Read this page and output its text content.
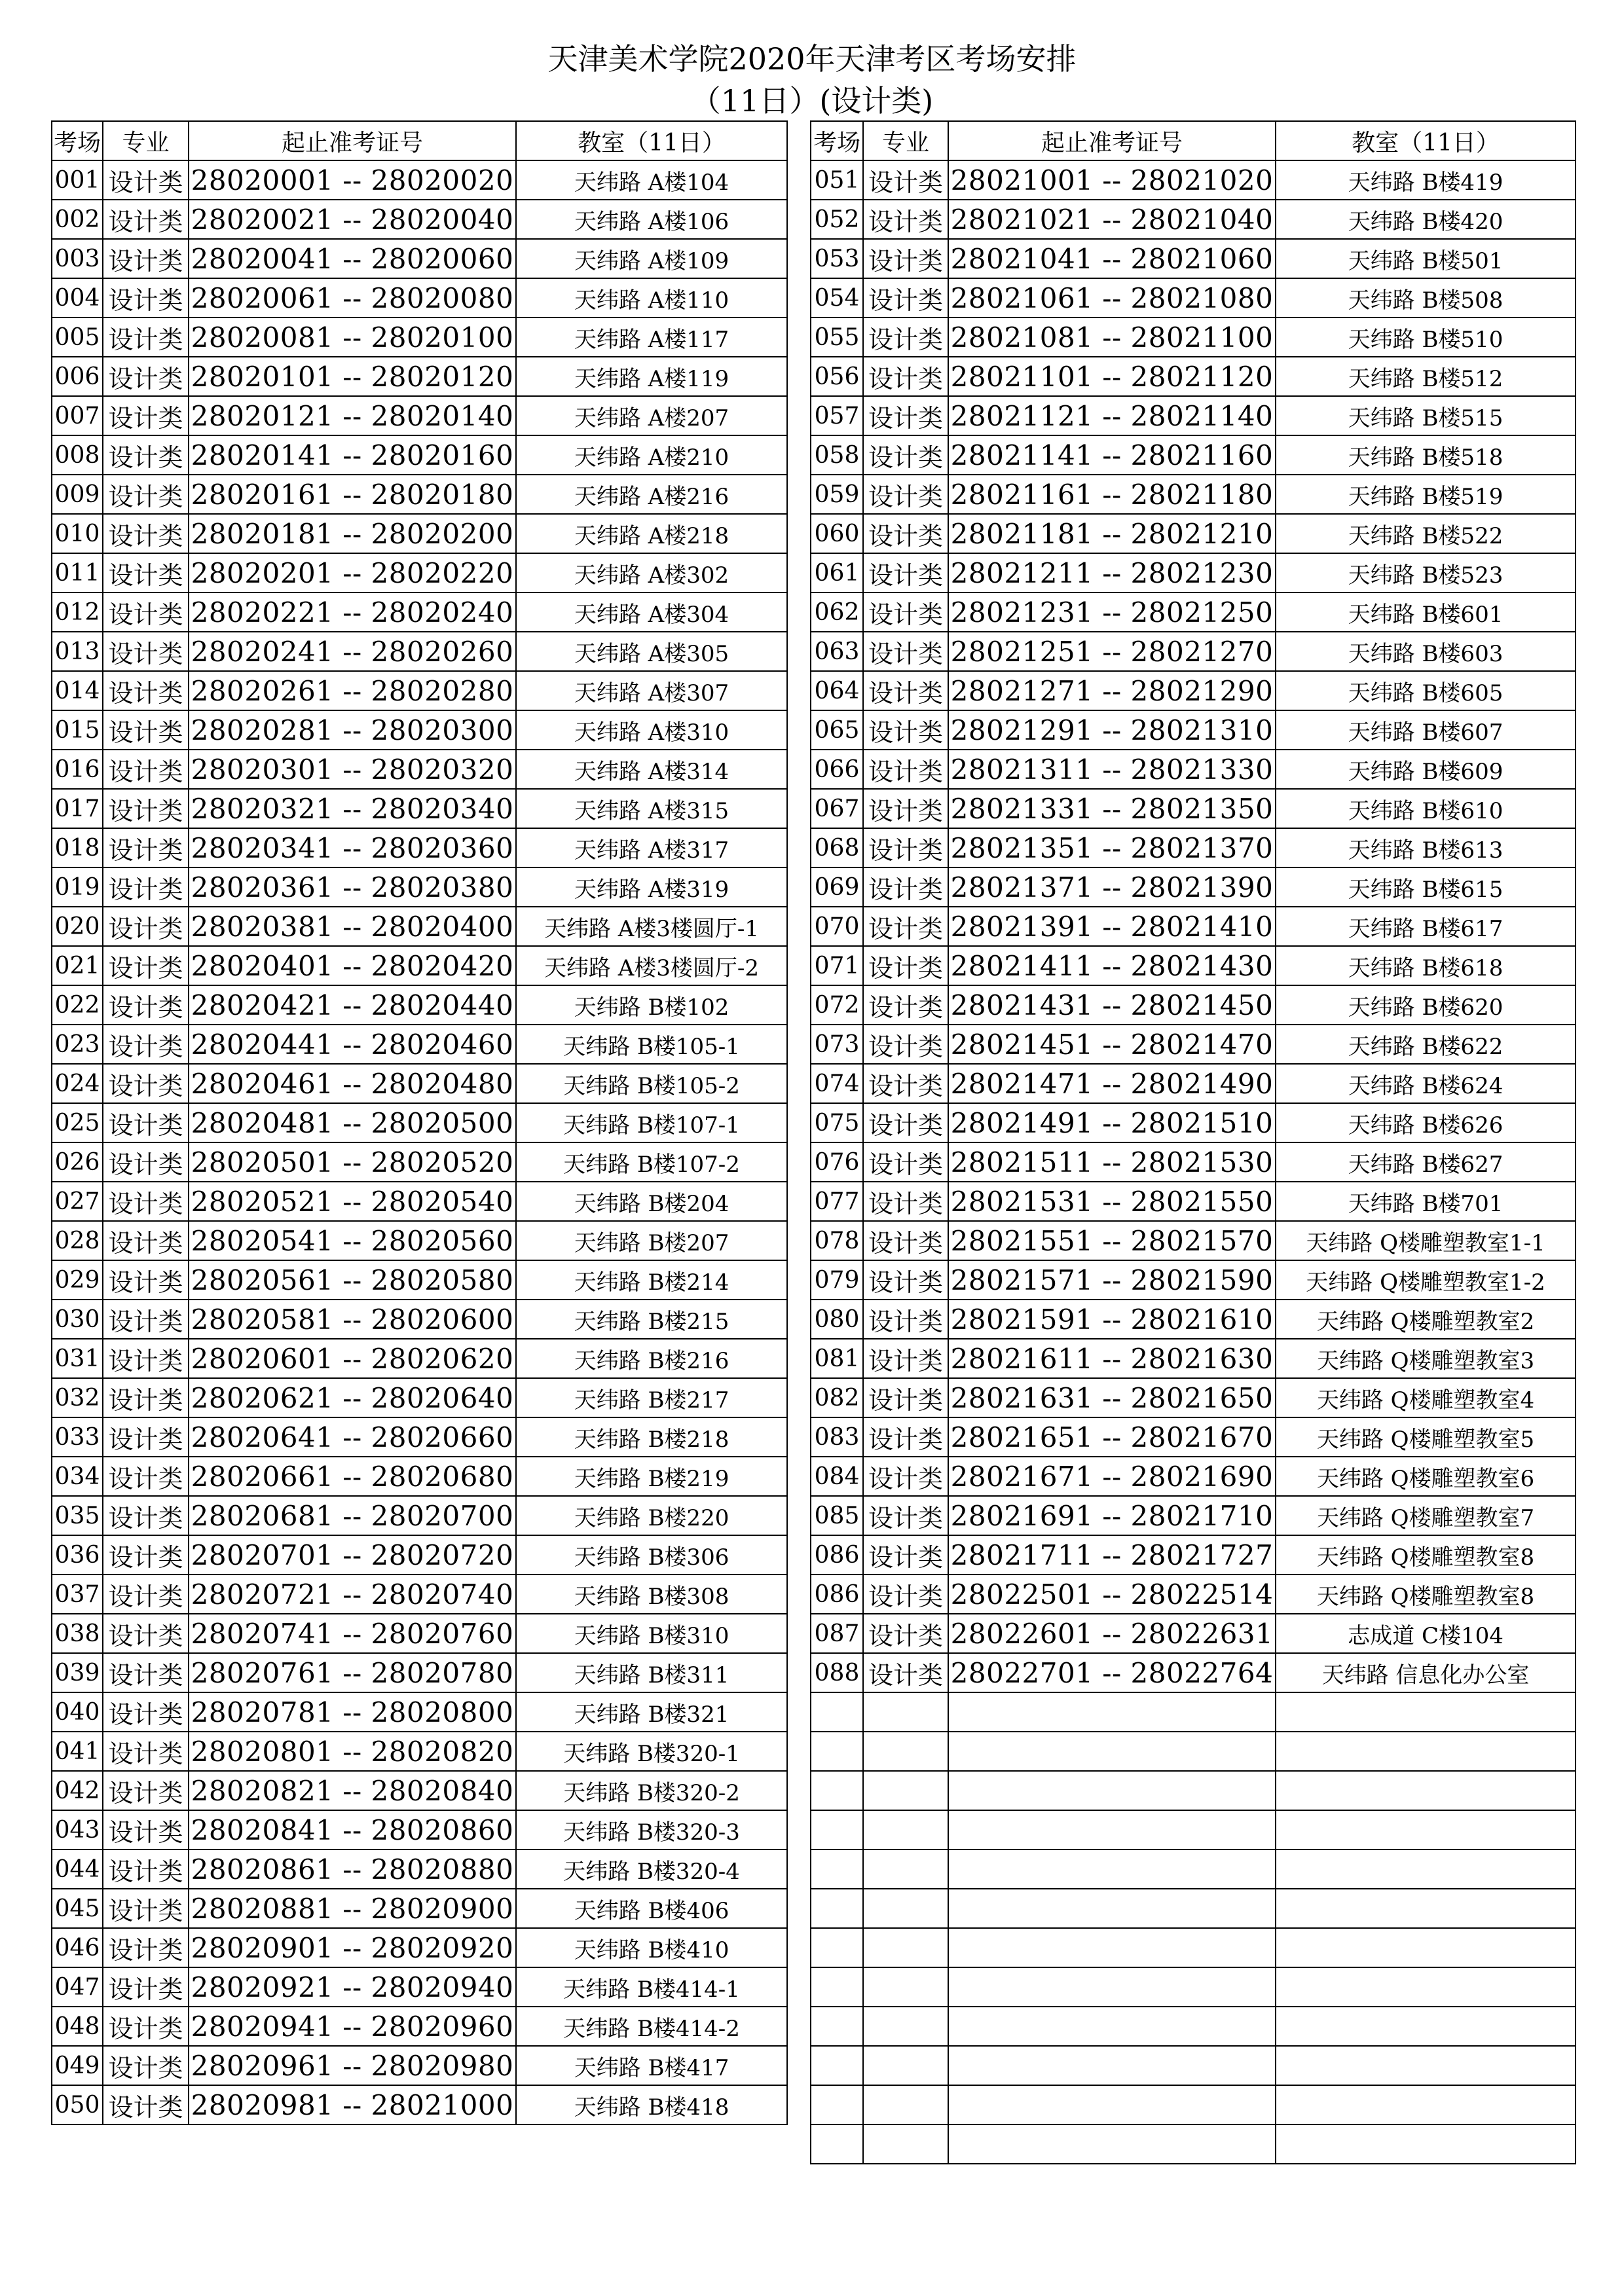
天津美术学院2020年天津考区考场安排
（11日）(设计类)
考场	专业	起止准考证号	教室（11日）
001	设计类	28020001 -- 28020020	天纬路 A楼104
002	设计类	28020021 -- 28020040	天纬路 A楼106
003	设计类	28020041 -- 28020060	天纬路 A楼109
004	设计类	28020061 -- 28020080	天纬路 A楼110
005	设计类	28020081 -- 28020100	天纬路 A楼117
006	设计类	28020101 -- 28020120	天纬路 A楼119
007	设计类	28020121 -- 28020140	天纬路 A楼207
008	设计类	28020141 -- 28020160	天纬路 A楼210
009	设计类	28020161 -- 28020180	天纬路 A楼216
010	设计类	28020181 -- 28020200	天纬路 A楼218
011	设计类	28020201 -- 28020220	天纬路 A楼302
012	设计类	28020221 -- 28020240	天纬路 A楼304
013	设计类	28020241 -- 28020260	天纬路 A楼305
014	设计类	28020261 -- 28020280	天纬路 A楼307
015	设计类	28020281 -- 28020300	天纬路 A楼310
016	设计类	28020301 -- 28020320	天纬路 A楼314
017	设计类	28020321 -- 28020340	天纬路 A楼315
018	设计类	28020341 -- 28020360	天纬路 A楼317
019	设计类	28020361 -- 28020380	天纬路 A楼319
020	设计类	28020381 -- 28020400	天纬路 A楼3楼圆厅-1
021	设计类	28020401 -- 28020420	天纬路 A楼3楼圆厅-2
022	设计类	28020421 -- 28020440	天纬路 B楼102
023	设计类	28020441 -- 28020460	天纬路 B楼105-1
024	设计类	28020461 -- 28020480	天纬路 B楼105-2
025	设计类	28020481 -- 28020500	天纬路 B楼107-1
026	设计类	28020501 -- 28020520	天纬路 B楼107-2
027	设计类	28020521 -- 28020540	天纬路 B楼204
028	设计类	28020541 -- 28020560	天纬路 B楼207
029	设计类	28020561 -- 28020580	天纬路 B楼214
030	设计类	28020581 -- 28020600	天纬路 B楼215
031	设计类	28020601 -- 28020620	天纬路 B楼216
032	设计类	28020621 -- 28020640	天纬路 B楼217
033	设计类	28020641 -- 28020660	天纬路 B楼218
034	设计类	28020661 -- 28020680	天纬路 B楼219
035	设计类	28020681 -- 28020700	天纬路 B楼220
036	设计类	28020701 -- 28020720	天纬路 B楼306
037	设计类	28020721 -- 28020740	天纬路 B楼308
038	设计类	28020741 -- 28020760	天纬路 B楼310
039	设计类	28020761 -- 28020780	天纬路 B楼311
040	设计类	28020781 -- 28020800	天纬路 B楼321
041	设计类	28020801 -- 28020820	天纬路 B楼320-1
042	设计类	28020821 -- 28020840	天纬路 B楼320-2
043	设计类	28020841 -- 28020860	天纬路 B楼320-3
044	设计类	28020861 -- 28020880	天纬路 B楼320-4
045	设计类	28020881 -- 28020900	天纬路 B楼406
046	设计类	28020901 -- 28020920	天纬路 B楼410
047	设计类	28020921 -- 28020940	天纬路 B楼414-1
048	设计类	28020941 -- 28020960	天纬路 B楼414-2
049	设计类	28020961 -- 28020980	天纬路 B楼417
050	设计类	28020981 -- 28021000	天纬路 B楼418
考场	专业	起止准考证号	教室（11日）
051	设计类	28021001 -- 28021020	天纬路 B楼419
052	设计类	28021021 -- 28021040	天纬路 B楼420
053	设计类	28021041 -- 28021060	天纬路 B楼501
054	设计类	28021061 -- 28021080	天纬路 B楼508
055	设计类	28021081 -- 28021100	天纬路 B楼510
056	设计类	28021101 -- 28021120	天纬路 B楼512
057	设计类	28021121 -- 28021140	天纬路 B楼515
058	设计类	28021141 -- 28021160	天纬路 B楼518
059	设计类	28021161 -- 28021180	天纬路 B楼519
060	设计类	28021181 -- 28021210	天纬路 B楼522
061	设计类	28021211 -- 28021230	天纬路 B楼523
062	设计类	28021231 -- 28021250	天纬路 B楼601
063	设计类	28021251 -- 28021270	天纬路 B楼603
064	设计类	28021271 -- 28021290	天纬路 B楼605
065	设计类	28021291 -- 28021310	天纬路 B楼607
066	设计类	28021311 -- 28021330	天纬路 B楼609
067	设计类	28021331 -- 28021350	天纬路 B楼610
068	设计类	28021351 -- 28021370	天纬路 B楼613
069	设计类	28021371 -- 28021390	天纬路 B楼615
070	设计类	28021391 -- 28021410	天纬路 B楼617
071	设计类	28021411 -- 28021430	天纬路 B楼618
072	设计类	28021431 -- 28021450	天纬路 B楼620
073	设计类	28021451 -- 28021470	天纬路 B楼622
074	设计类	28021471 -- 28021490	天纬路 B楼624
075	设计类	28021491 -- 28021510	天纬路 B楼626
076	设计类	28021511 -- 28021530	天纬路 B楼627
077	设计类	28021531 -- 28021550	天纬路 B楼701
078	设计类	28021551 -- 28021570	天纬路 Q楼雕塑教室1-1
079	设计类	28021571 -- 28021590	天纬路 Q楼雕塑教室1-2
080	设计类	28021591 -- 28021610	天纬路 Q楼雕塑教室2
081	设计类	28021611 -- 28021630	天纬路 Q楼雕塑教室3
082	设计类	28021631 -- 28021650	天纬路 Q楼雕塑教室4
083	设计类	28021651 -- 28021670	天纬路 Q楼雕塑教室5
084	设计类	28021671 -- 28021690	天纬路 Q楼雕塑教室6
085	设计类	28021691 -- 28021710	天纬路 Q楼雕塑教室7
086	设计类	28021711 -- 28021727	天纬路 Q楼雕塑教室8
086	设计类	28022501 -- 28022514	天纬路 Q楼雕塑教室8
087	设计类	28022601 -- 28022631	志成道 C楼104
088	设计类	28022701 -- 28022764	天纬路 信息化办公室
